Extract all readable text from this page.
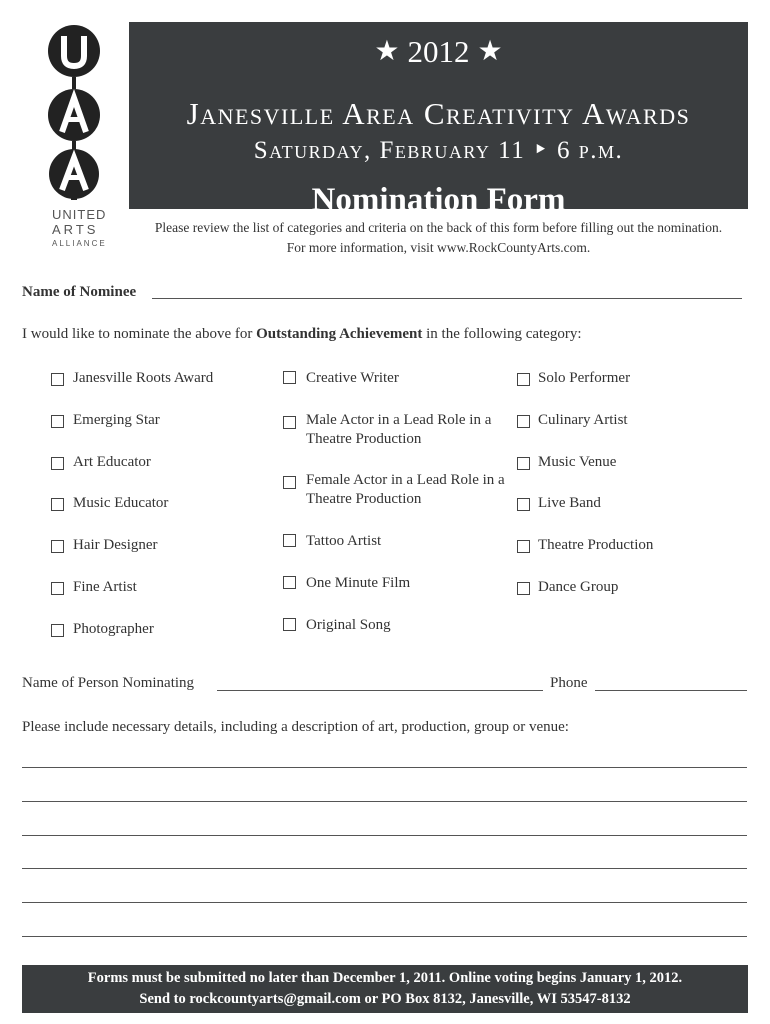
UNITED
ARTS
ALLIANCE
★ 2012 ★
Janesville Area Creativity Awards
Saturday, February 11 ‣ 6 p.m.
Nomination Form
Please review the list of categories and criteria on the back of this form before filling out the nomination.
For more information, visit www.RockCountyArts.com.
Name of Nominee
I would like to nominate the above for Outstanding Achievement in the following category:
Janesville Roots Award
Emerging Star
Art Educator
Music Educator
Hair Designer
Fine Artist
Photographer
Creative Writer
Male Actor in a Lead Role in a Theatre Production
Female Actor in a Lead Role in a Theatre Production
Tattoo Artist
One Minute Film
Original Song
Solo Performer
Culinary Artist
Music Venue
Live Band
Theatre Production
Dance Group
Name of Person Nominating	Phone
Please include necessary details, including a description of art, production, group or venue:
Forms must be submitted no later than December 1, 2011. Online voting begins January 1, 2012.
Send to rockcountyarts@gmail.com or PO Box 8132, Janesville, WI 53547-8132
